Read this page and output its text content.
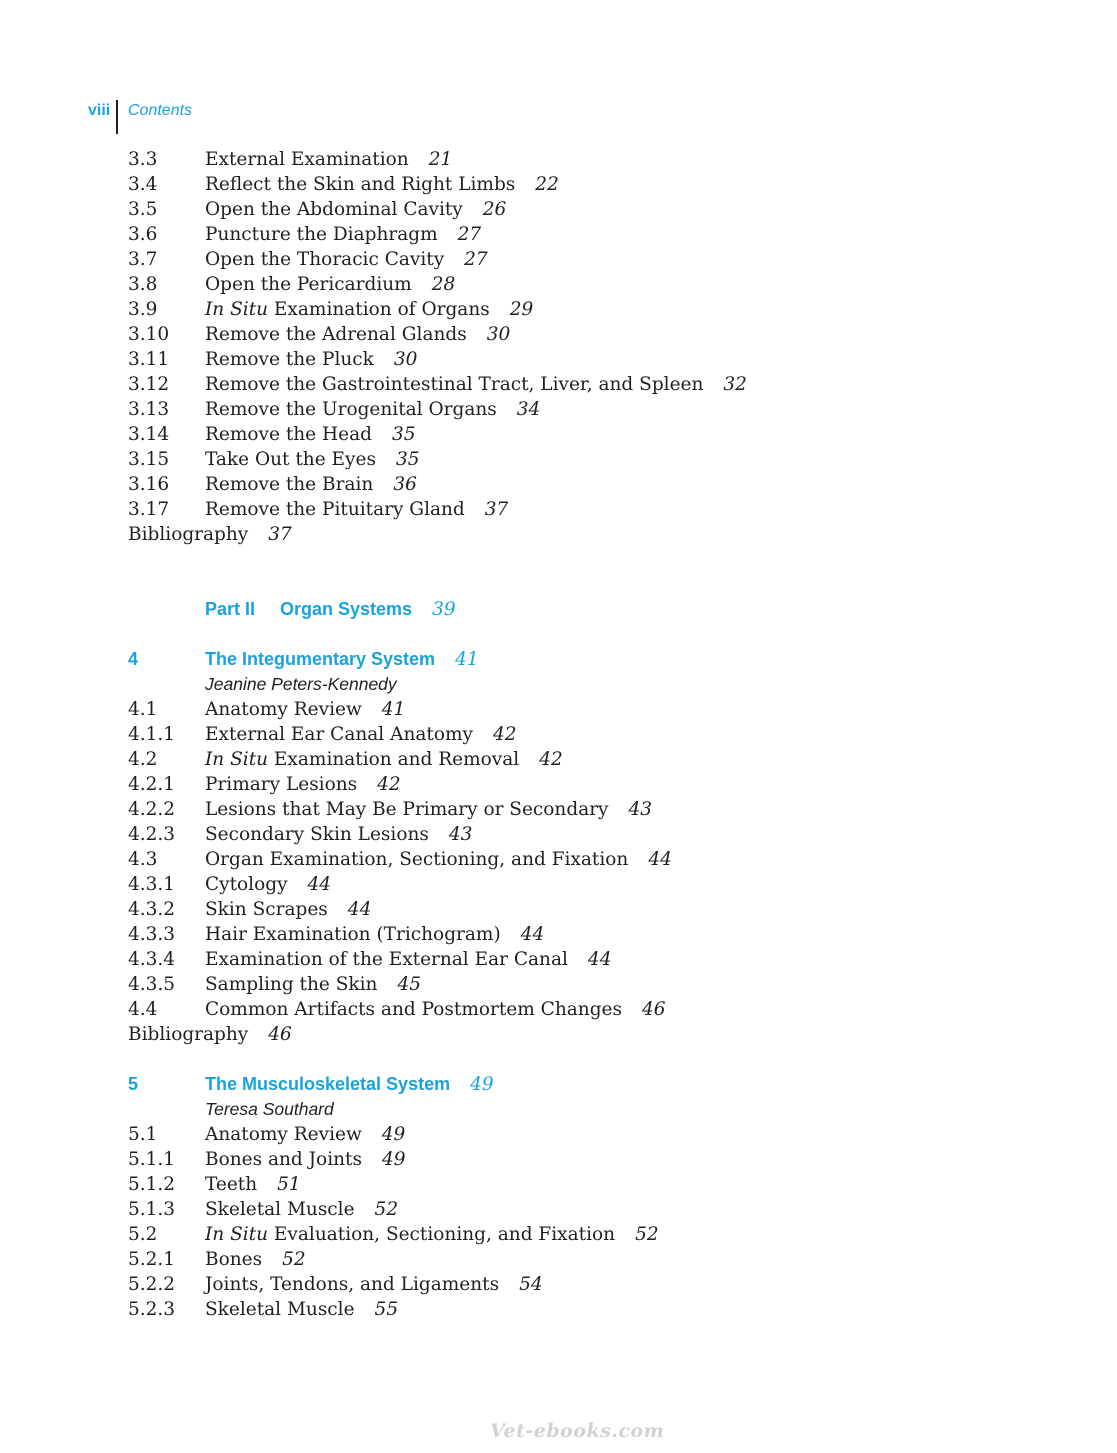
viii Contents
3.3	External Examination 21
3.4	Reflect the Skin and Right Limbs 22
3.5	Open the Abdominal Cavity 26
3.6	Puncture the Diaphragm 27
3.7	Open the Thoracic Cavity 27
3.8	Open the Pericardium 28
3.9	In Situ Examination of Organs 29
3.10 Remove the Adrenal Glands 30
3.11 Remove the Pluck 30
3.12 Remove the Gastrointestinal Tract, Liver, and Spleen 32
3.13 Remove the Urogenital Organs 34
3.14 Remove the Head 35
3.15 Take Out the Eyes 35
3.16 Remove the Brain 36
3.17 Remove the Pituitary Gland 37
Bibliography 37
Part II Organ Systems 39
4	The Integumentary System 41
Jeanine Peters-Kennedy
4.1	Anatomy Review 41
4.1.1 External Ear Canal Anatomy 42
4.2	In Situ Examination and Removal 42
4.2.1 Primary Lesions 42
4.2.2 Lesions that May Be Primary or Secondary 43
4.2.3 Secondary Skin Lesions 43
4.3	Organ Examination, Sectioning, and Fixation 44
4.3.1 Cytology 44
4.3.2 Skin Scrapes 44
4.3.3 Hair Examination (Trichogram) 44
4.3.4 Examination of the External Ear Canal 44
4.3.5 Sampling the Skin 45
4.4	Common Artifacts and Postmortem Changes 46
Bibliography 46
5	The Musculoskeletal System 49
Teresa Southard
5.1	Anatomy Review 49
5.1.1 Bones and Joints 49
5.1.2 Teeth 51
5.1.3 Skeletal Muscle 52
5.2	In Situ Evaluation, Sectioning, and Fixation 52
5.2.1 Bones 52
5.2.2 Joints, Tendons, and Ligaments 54
5.2.3 Skeletal Muscle 55
Vet-ebooks.com
